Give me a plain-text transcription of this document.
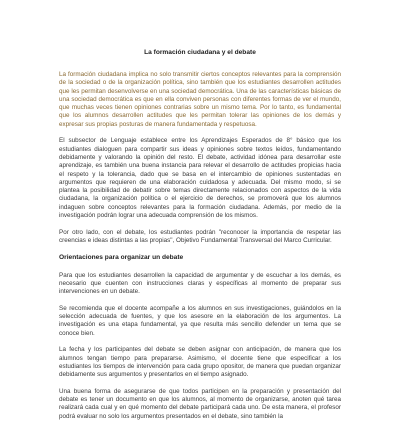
La formación ciudadana y el debate

La formación ciudadana implica no solo transmitir ciertos conceptos relevantes para la comprensión de la sociedad o de la organización política, sino también que los estudiantes desarrollen actitudes que les permitan desenvolverse en una sociedad democrática. Una de las características básicas de una sociedad democrática es que en ella conviven personas con diferentes formas de ver el mundo, que muchas veces tienen opiniones contrarias sobre un mismo tema. Por lo tanto, es fundamental que los alumnos desarrollen actitudes que les permitan tolerar las opiniones de los demás y expresar sus propias posturas de manera fundamentada y respetuosa.

El subsector de Lenguaje establece entre los Aprendizajes Esperados de 8° básico que los estudiantes dialoguen para compartir sus ideas y opiniones sobre textos leídos, fundamentando debidamente y valorando la opinión del resto. El debate, actividad idónea para desarrollar este aprendizaje, es también una buena instancia para relevar el desarrollo de actitudes propicias hacia el respeto y la tolerancia, dado que se basa en el intercambio de opiniones sustentadas en argumentos que requieren de una elaboración cuidadosa y adecuada. Del mismo modo, si se plantea la posibilidad de debatir sobre temas directamente relacionados con aspectos de la vida ciudadana, la organización política o el ejercicio de derechos, se promoverá que los alumnos indaguen sobre conceptos relevantes para la formación ciudadana. Además, por medio de la investigación podrán lograr una adecuada comprensión de los mismos.

Por otro lado, con el debate, los estudiantes podrán "reconocer la importancia de respetar las creencias e ideas distintas a las propias", Objetivo Fundamental Transversal del Marco Curricular.

Orientaciones para organizar un debate

Para que los estudiantes desarrollen la capacidad de argumentar y de escuchar a los demás, es necesario que cuenten con instrucciones claras y específicas al momento de preparar sus intervenciones en un debate.

Se recomienda que el docente acompañe a los alumnos en sus investigaciones, guiándolos en la selección adecuada de fuentes, y que los asesore en la elaboración de los argumentos. La investigación es una etapa fundamental, ya que resulta más sencillo defender un tema que se conoce bien.

La fecha y los participantes del debate se deben asignar con anticipación, de manera que los alumnos tengan tiempo para prepararse. Asimismo, el docente tiene que especificar a los estudiantes los tiempos de intervención para cada grupo opositor, de manera que puedan organizar debidamente sus argumentos y presentarlos en el tiempo asignado.

Una buena forma de asegurarse de que todos participen en la preparación y presentación del debate es tener un documento en que los alumnos, al momento de organizarse, anoten qué tarea realizará cada cual y en qué momento del debate participará cada uno. De esta manera, el profesor podrá evaluar no solo los argumentos presentados en el debate, sino también la
